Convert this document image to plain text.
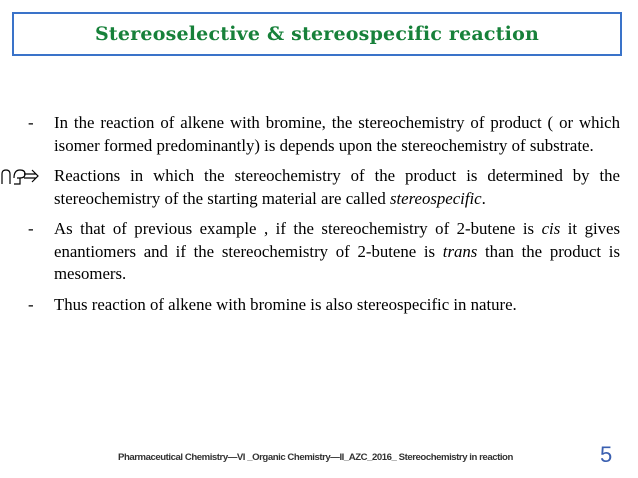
Stereoselective & stereospecific reaction
- In the reaction of alkene with bromine, the stereochemistry of product ( or which isomer formed predominantly) is depends upon the stereochemistry of substrate.
Reactions in which the stereochemistry of the product is determined by the stereochemistry of the starting material are called stereospecific.
- As that of previous example , if the stereochemistry of 2-butene is cis it gives enantiomers and if the stereochemistry of 2-butene is trans than the product is mesomers.
- Thus reaction of alkene with bromine is also stereospecific in nature.
Pharmaceutical Chemistry—VI _Organic Chemistry—II_AZC_2016_ Stereochemistry in reaction	5
